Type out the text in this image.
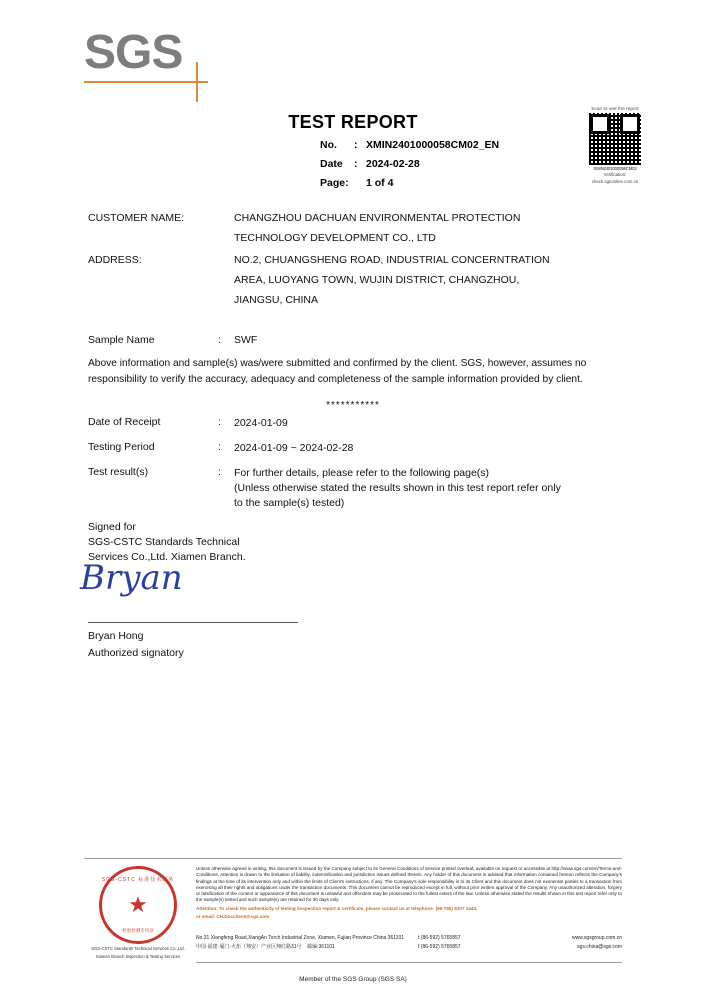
SGS
TEST REPORT
No.	: XMIN2401000058CM02_EN
Date	: 2024-02-28
Page:	1 of 4
Scan to see the report
XMIN2401000058CM02
Verification:
check.sgsonline.com.cn
CUSTOMER NAME:	CHANGZHOU DACHUAN ENVIRONMENTAL PROTECTION
TECHNOLOGY DEVELOPMENT CO., LTD
ADDRESS:	NO.2, CHUANGSHENG ROAD, INDUSTRIAL CONCERNTRATION
AREA, LUOYANG TOWN, WUJIN DISTRICT, CHANGZHOU,
JIANGSU, CHINA
Sample Name	:	SWF
Above information and sample(s) was/were submitted and confirmed by the client. SGS, however, assumes no responsibility to verify the accuracy, adequacy and completeness of the sample information provided by client.
***********
Date of Receipt	:	2024-01-09
Testing Period	:	2024-01-09 ~ 2024-02-28
Test result(s)	:	For further details, please refer to the following page(s)
(Unless otherwise stated the results shown in this test report refer only
to the sample(s) tested)
Signed for
SGS-CSTC Standards Technical
Services Co.,Ltd. Xiamen Branch.
Bryan
Bryan Hong
Authorized signatory
SGS-CSTC 标准技术服务
★
检验检测专用章
SGS-CSTC Standards Technical Services Co.,Ltd.
Xiamen Branch Inspection & Testing Services
Unless otherwise agreed in writing, this document is issued by the Company subject to its General Conditions of Service printed overleaf, available on request or accessible at http://www.sgs.com/en/Terms-and-Conditions. Attention is drawn to the limitation of liability, indemnification and jurisdiction issues defined therein. Any holder of this document is advised that information contained hereon reflects the Company's findings at the time of its intervention only and within the limits of Client's instructions, if any. The Company's sole responsibility is to its Client and this document does not exonerate parties to a transaction from exercising all their rights and obligations under the transaction documents. This document cannot be reproduced except in full, without prior written approval of the Company. Any unauthorized alteration, forgery or falsification of the content or appearance of this document is unlawful and offenders may be prosecuted to the fullest extent of the law. Unless otherwise stated the results shown in this test report refer only to the sample(s) tested and such sample(s) are retained for 30 days only.
Attention: To check the authenticity of testing /inspection report & certificate, please contact us at telephone: (86-755) 8307 1443,
or email: CN.Doccheck@sgs.com
No.31 Xiangfeng Road,XiangAn Torch Industrial Zone, Xiamen, Fujian Province China 361101	t (86-592) 5765857	www.sgsgroup.com.cn
中国·福建·厦门·火炬（翔安）产业区翔红路31号 邮编:361101	f (86-592) 5765857	sgs.china@sgs.com
Member of the SGS Group (SGS SA)
